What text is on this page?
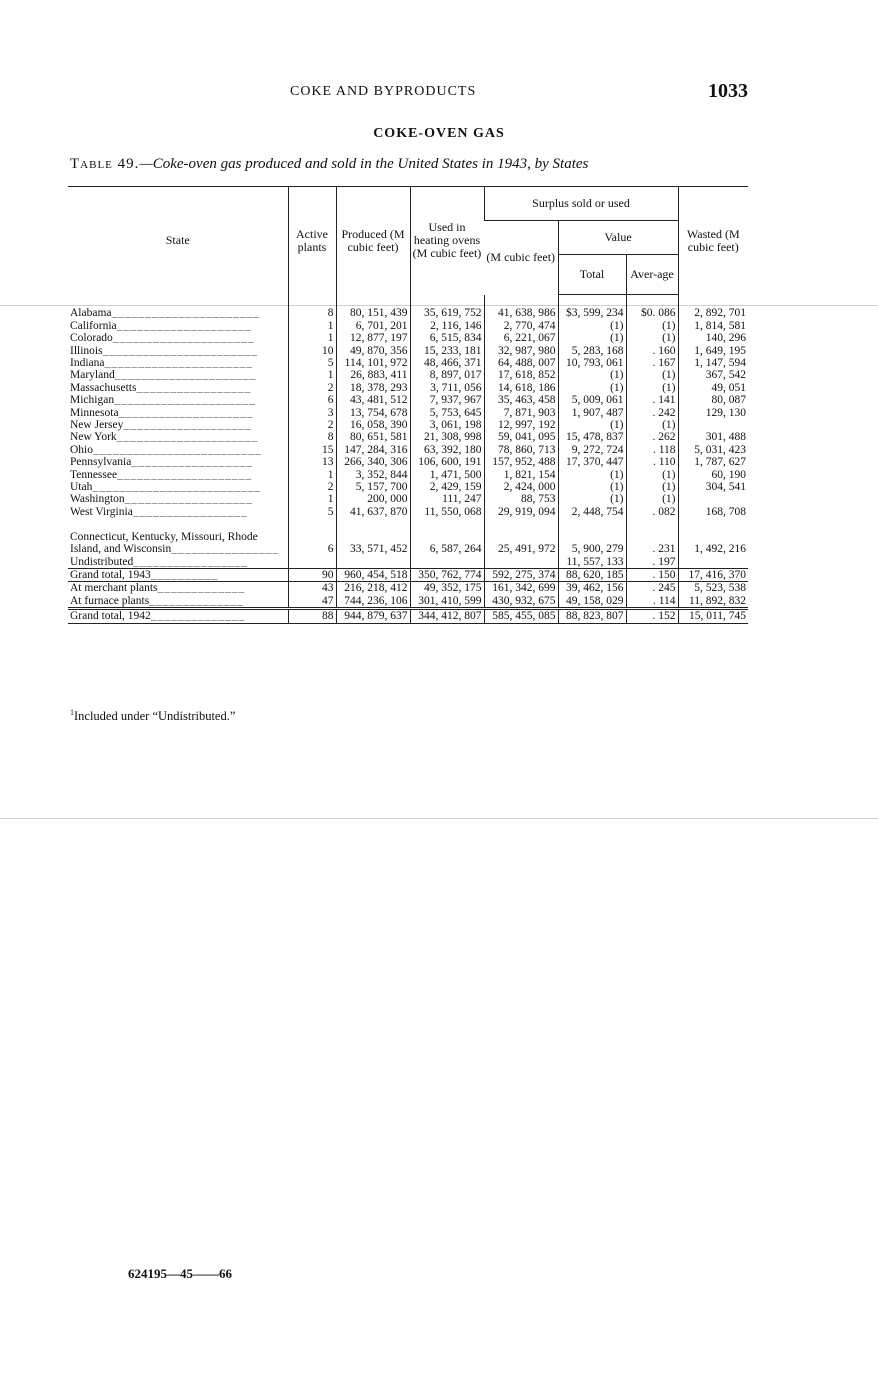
COKE AND BYPRODUCTS	1033
COKE-OVEN GAS
Table 49.—Coke-oven gas produced and sold in the United States in 1943, by States
State	Active plants	Produced (M cubic feet)	Used in heating ovens (M cubic feet)	Surplus sold or used			Wasted (M cubic feet)
				(M cubic feet)	Value		
					Total	Aver-age	

Alabama______________________	8	80, 151, 439	35, 619, 752	41, 638, 986	$3, 599, 234	$0. 086	2, 892, 701
California____________________	1	6, 701, 201	2, 116, 146	2, 770, 474	(1)	(1)	1, 814, 581
Colorado_____________________	1	12, 877, 197	6, 515, 834	6, 221, 067	(1)	(1)	140, 296
Illinois_______________________	10	49, 870, 356	15, 233, 181	32, 987, 980	5, 283, 168	. 160	1, 649, 195
Indiana______________________	5	114, 101, 972	48, 466, 371	64, 488, 007	10, 793, 061	. 167	1, 147, 594
Maryland_____________________	1	26, 883, 411	8, 897, 017	17, 618, 852	(1)	(1)	367, 542
Massachusetts_________________	2	18, 378, 293	3, 711, 056	14, 618, 186	(1)	(1)	49, 051
Michigan_____________________	6	43, 481, 512	7, 937, 967	35, 463, 458	5, 009, 061	. 141	80, 087
Minnesota____________________	3	13, 754, 678	5, 753, 645	7, 871, 903	1, 907, 487	. 242	129, 130
New Jersey___________________	2	16, 058, 390	3, 061, 198	12, 997, 192	(1)	(1)	
New York_____________________	8	80, 651, 581	21, 308, 998	59, 041, 095	15, 478, 837	. 262	301, 488
Ohio_________________________	15	147, 284, 316	63, 392, 180	78, 860, 713	9, 272, 724	. 118	5, 031, 423
Pennsylvania__________________	13	266, 340, 306	106, 600, 191	157, 952, 488	17, 370, 447	. 110	1, 787, 627
Tennessee____________________	1	3, 352, 844	1, 471, 500	1, 821, 154	(1)	(1)	60, 190
Utah_________________________	2	5, 157, 700	2, 429, 159	2, 424, 000	(1)	(1)	304, 541
Washington___________________	1	200, 000	111, 247	88, 753	(1)	(1)	
West Virginia_________________	5	41, 637, 870	11, 550, 068	29, 919, 094	2, 448, 754	. 082	168, 708

Connecticut, Kentucky, Missouri, Rhode Island, and Wisconsin________________	6	33, 571, 452	6, 587, 264	25, 491, 972	5, 900, 279	. 231	1, 492, 216
Undistributed_________________					11, 557, 133	. 197	
Grand total, 1943__________	90	960, 454, 518	350, 762, 774	592, 275, 374	88, 620, 185	. 150	17, 416, 370
At merchant plants_____________	43	216, 218, 412	49, 352, 175	161, 342, 699	39, 462, 156	. 245	5, 523, 538
At furnace plants______________	47	744, 236, 106	301, 410, 599	430, 932, 675	49, 158, 029	. 114	11, 892, 832
Grand total, 1942______________	88	944, 879, 637	344, 412, 807	585, 455, 085	88, 823, 807	. 152	15, 011, 745
$^1$Included under “Undistributed.”
624195—45——66
